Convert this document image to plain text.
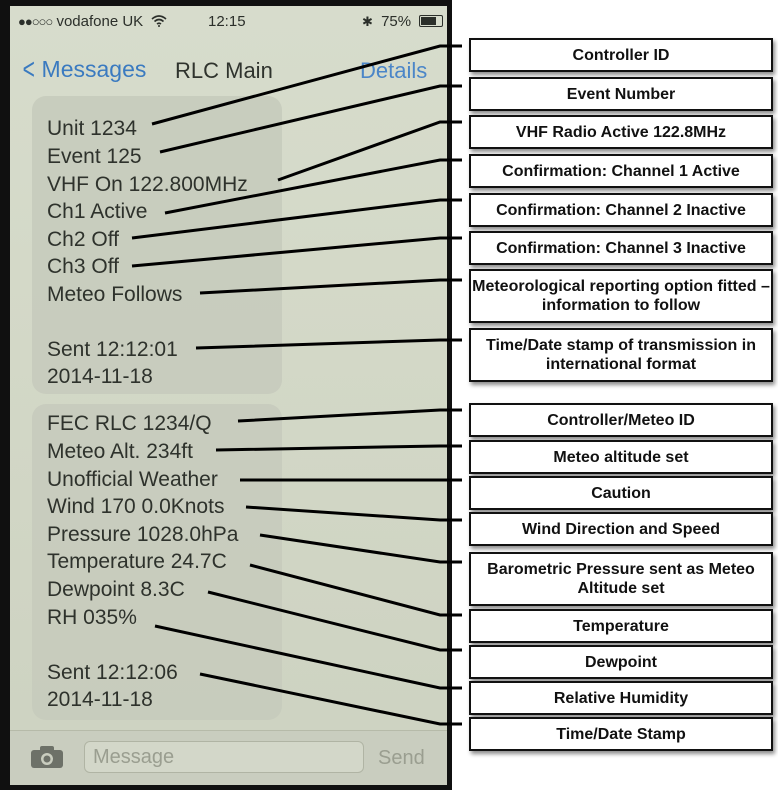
●●○○○ vodafone UK	12:15	✱ 75%
< Messages RLC Main	Details
Unit 1234
Event 125
VHF On 122.800MHz
Ch1 Active
Ch2 Off
Ch3 Off
Meteo Follows
Sent 12:12:01
2014-11-18
FEC RLC 1234/Q
Meteo Alt. 234ft
Unofficial Weather
Wind 170 0.0Knots
Pressure 1028.0hPa
Temperature 24.7C
Dewpoint 8.3C
RH 035%
Sent 12:12:06
2014-11-18
Message
Send
Controller ID
Event Number
VHF Radio Active 122.8MHz
Confirmation: Channel 1 Active
Confirmation: Channel 2 Inactive
Confirmation: Channel 3 Inactive
Meteorological reporting option fitted – information to follow
Time/Date stamp of transmission in international format
Controller/Meteo ID
Meteo altitude set
Caution
Wind Direction and Speed
Barometric Pressure sent as Meteo Altitude set
Temperature
Dewpoint
Relative Humidity
Time/Date Stamp
